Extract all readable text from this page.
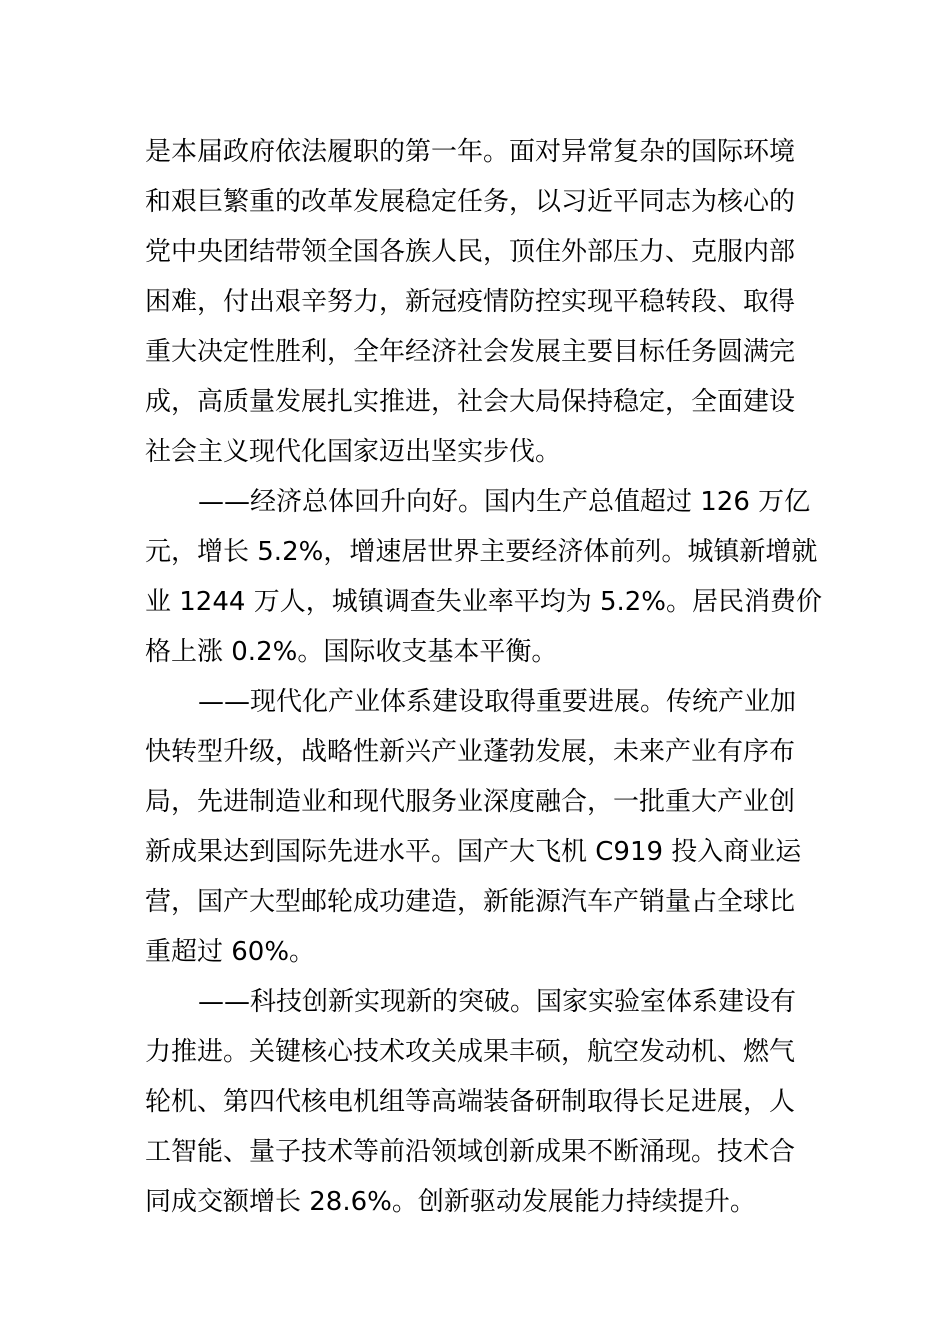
是本届政府依法履职的第一年。面对异常复杂的国际环境
和艰巨繁重的改革发展稳定任务，以习近平同志为核心的
党中央团结带领全国各族人民，顶住外部压力、克服内部
困难，付出艰辛努力，新冠疫情防控实现平稳转段、取得
重大决定性胜利，全年经济社会发展主要目标任务圆满完
成，高质量发展扎实推进，社会大局保持稳定，全面建设
社会主义现代化国家迈出坚实步伐。
——经济总体回升向好。国内生产总值超过 126 万亿
元，增长 5.2%，增速居世界主要经济体前列。城镇新增就
业 1244 万人，城镇调查失业率平均为 5.2%。居民消费价
格上涨 0.2%。国际收支基本平衡。
——现代化产业体系建设取得重要进展。传统产业加
快转型升级，战略性新兴产业蓬勃发展，未来产业有序布
局，先进制造业和现代服务业深度融合，一批重大产业创
新成果达到国际先进水平。国产大飞机 C919 投入商业运
营，国产大型邮轮成功建造，新能源汽车产销量占全球比
重超过 60%。
——科技创新实现新的突破。国家实验室体系建设有
力推进。关键核心技术攻关成果丰硕，航空发动机、燃气
轮机、第四代核电机组等高端装备研制取得长足进展，人
工智能、量子技术等前沿领域创新成果不断涌现。技术合
同成交额增长 28.6%。创新驱动发展能力持续提升。
